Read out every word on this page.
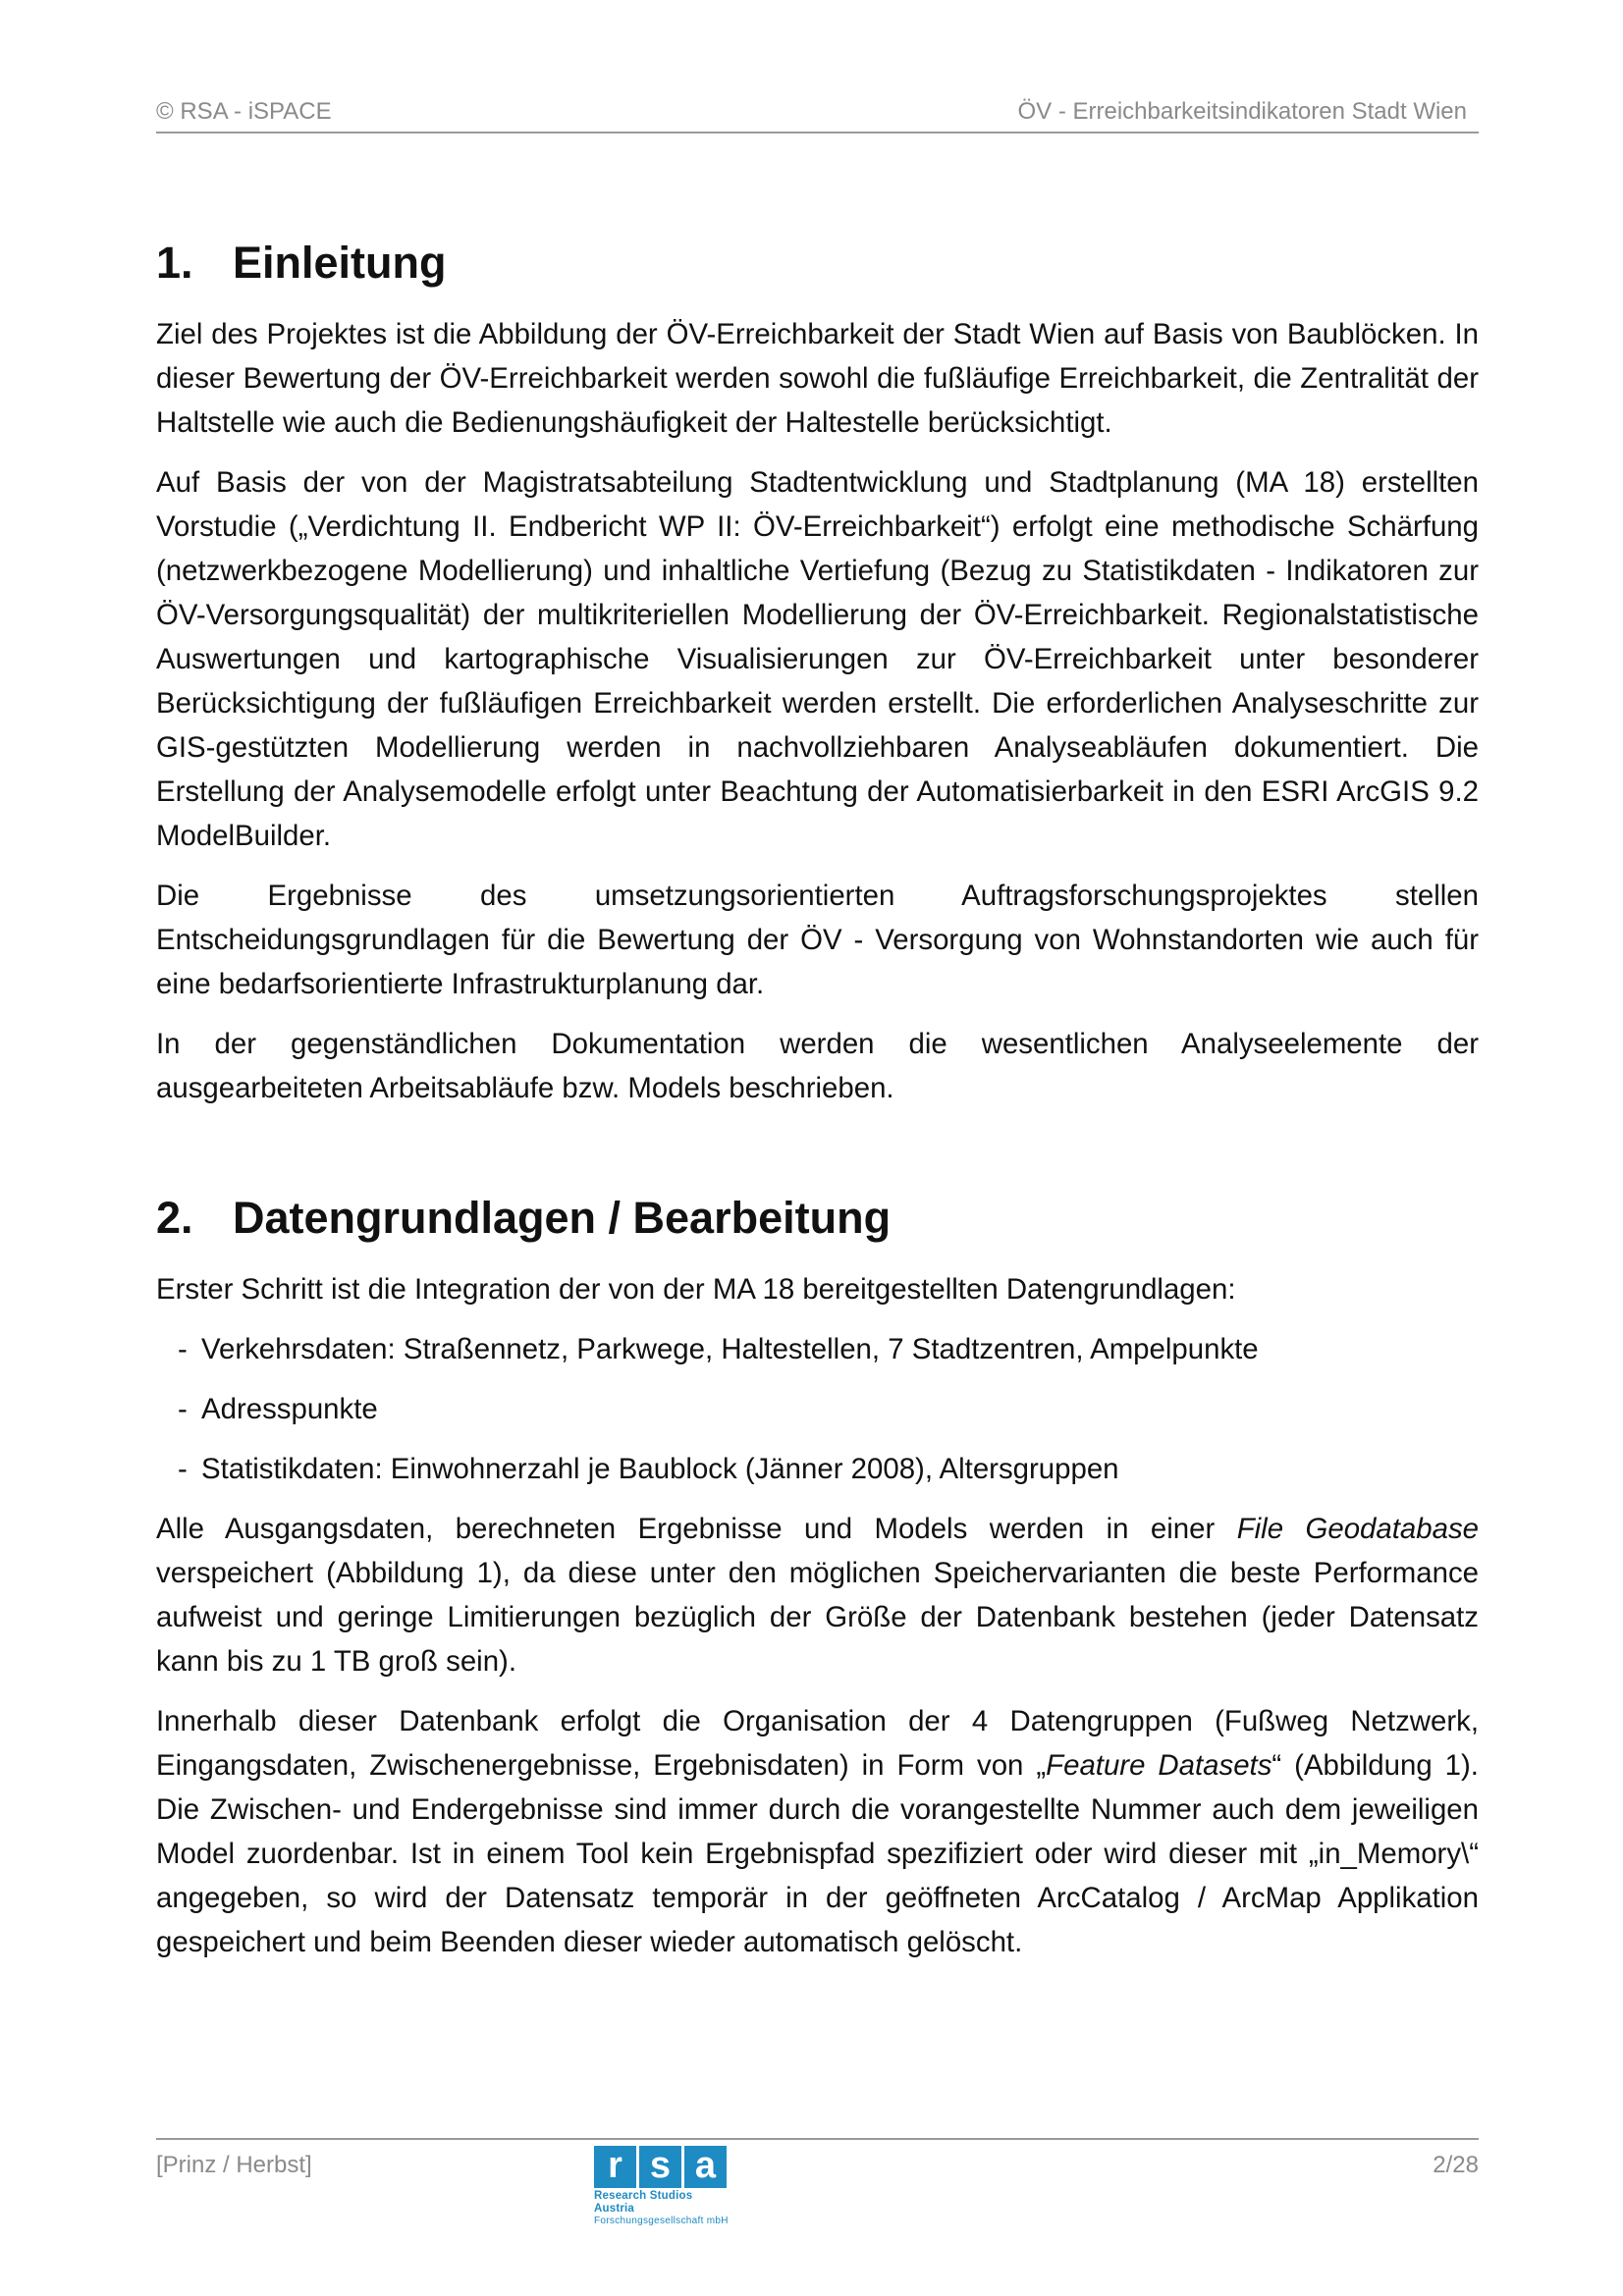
© RSA - iSPACE	ÖV - Erreichbarkeitsindikatoren Stadt Wien
1. Einleitung

Ziel des Projektes ist die Abbildung der ÖV-Erreichbarkeit der Stadt Wien auf Basis von Baublöcken. In dieser Bewertung der ÖV-Erreichbarkeit werden sowohl die fußläufige Erreichbarkeit, die Zentralität der Haltstelle wie auch die Bedienungshäufigkeit der Haltestelle berücksichtigt.

Auf Basis der von der Magistratsabteilung Stadtentwicklung und Stadtplanung (MA 18) erstellten Vorstudie („Verdichtung II. Endbericht WP II: ÖV-Erreichbarkeit“) erfolgt eine methodische Schärfung (netzwerkbezogene Modellierung) und inhaltliche Vertiefung (Bezug zu Statistikdaten - Indikatoren zur ÖV-Versorgungsqualität) der multikriteriellen Modellierung der ÖV-Erreichbarkeit. Regionalstatistische Auswertungen und kartographische Visualisierungen zur ÖV-Erreichbarkeit unter besonderer Berücksichtigung der fußläufigen Erreichbarkeit werden erstellt. Die erforderlichen Analyseschritte zur GIS-gestützten Modellierung werden in nachvollziehbaren Analyseabläufen dokumentiert. Die Erstellung der Analysemodelle erfolgt unter Beachtung der Automatisierbarkeit in den ESRI ArcGIS 9.2 ModelBuilder.

Die Ergebnisse des umsetzungsorientierten Auftragsforschungsprojektes stellen Entscheidungsgrundlagen für die Bewertung der ÖV - Versorgung von Wohnstandorten wie auch für eine bedarfsorientierte Infrastrukturplanung dar.

In der gegenständlichen Dokumentation werden die wesentlichen Analyseelemente der ausgearbeiteten Arbeitsabläufe bzw. Models beschrieben.

2. Datengrundlagen / Bearbeitung

Erster Schritt ist die Integration der von der MA 18 bereitgestellten Datengrundlagen:

- Verkehrsdaten: Straßennetz, Parkwege, Haltestellen, 7 Stadtzentren, Ampelpunkte
- Adresspunkte
- Statistikdaten: Einwohnerzahl je Baublock (Jänner 2008), Altersgruppen

Alle Ausgangsdaten, berechneten Ergebnisse und Models werden in einer File Geodatabase verspeichert (Abbildung 1), da diese unter den möglichen Speichervarianten die beste Performance aufweist und geringe Limitierungen bezüglich der Größe der Datenbank bestehen (jeder Datensatz kann bis zu 1 TB groß sein).

Innerhalb dieser Datenbank erfolgt die Organisation der 4 Datengruppen (Fußweg Netzwerk, Eingangsdaten, Zwischenergebnisse, Ergebnisdaten) in Form von „Feature Datasets“ (Abbildung 1). Die Zwischen- und Endergebnisse sind immer durch die vorangestellte Nummer auch dem jeweiligen Model zuordenbar. Ist in einem Tool kein Ergebnispfad spezifiziert oder wird dieser mit „in_Memory\“ angegeben, so wird der Datensatz temporär in der geöffneten ArcCatalog / ArcMap Applikation gespeichert und beim Beenden dieser wieder automatisch gelöscht.

[Prinz / Herbst]	2/28
r s a
Research Studios Austria
Forschungsgesellschaft mbH
